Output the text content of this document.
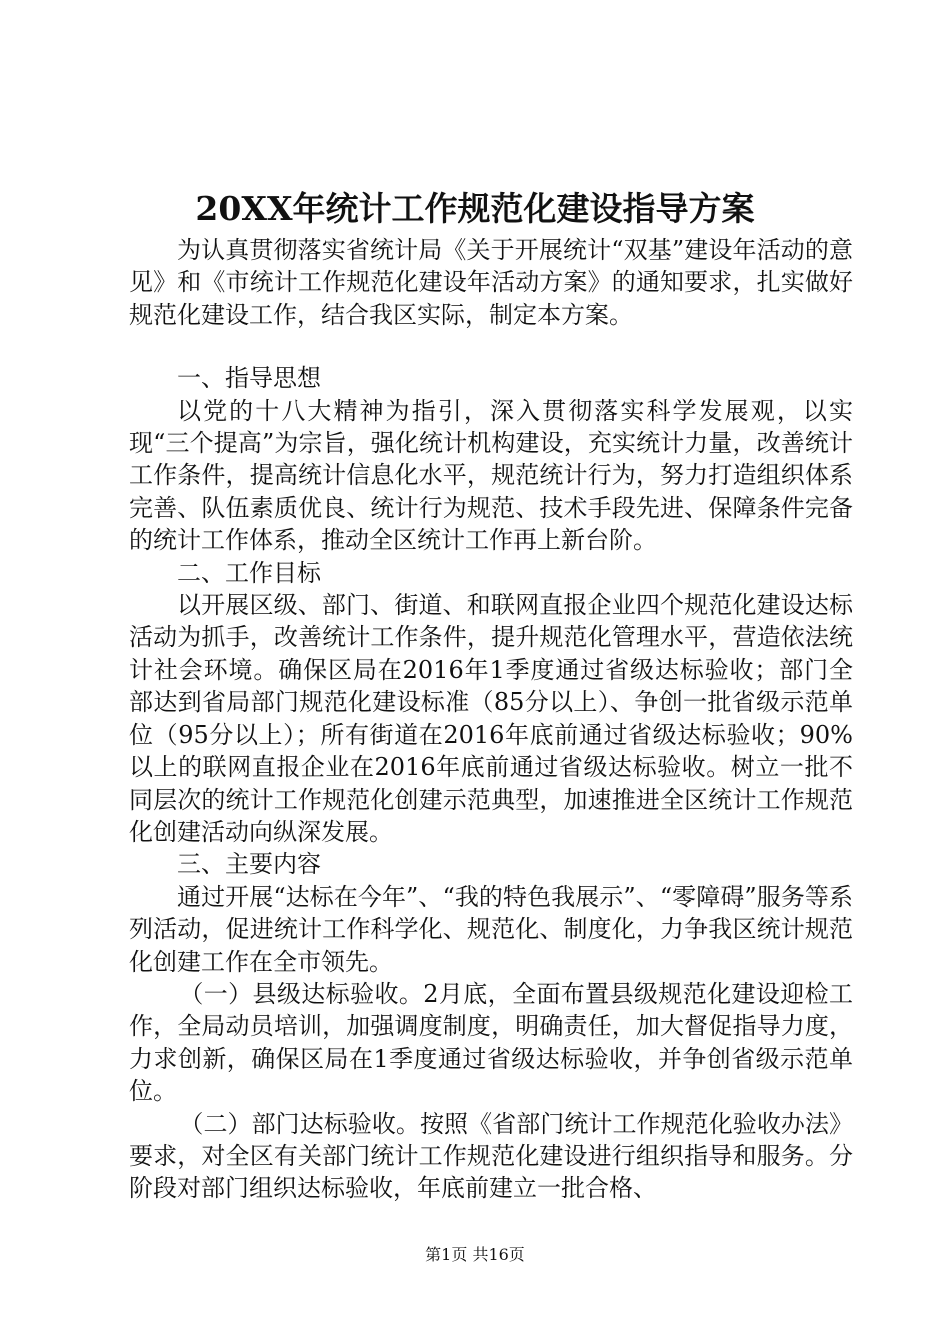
20XX年统计工作规范化建设指导方案

为认真贯彻落实省统计局《关于开展统计“双基”建设年活动的意见》和《市统计工作规范化建设年活动方案》的通知要求，扎实做好规范化建设工作，结合我区实际，制定本方案。

一、指导思想

以党的十八大精神为指引，深入贯彻落实科学发展观，以实现“三个提高”为宗旨，强化统计机构建设，充实统计力量，改善统计工作条件，提高统计信息化水平，规范统计行为，努力打造组织体系完善、队伍素质优良、统计行为规范、技术手段先进、保障条件完备的统计工作体系，推动全区统计工作再上新台阶。

二、工作目标

以开展区级、部门、街道、和联网直报企业四个规范化建设达标活动为抓手，改善统计工作条件，提升规范化管理水平，营造依法统计社会环境。确保区局在2016年1季度通过省级达标验收；部门全部达到省局部门规范化建设标准（85分以上）、争创一批省级示范单位（95分以上）；所有街道在2016年底前通过省级达标验收；90%以上的联网直报企业在2016年底前通过省级达标验收。树立一批不同层次的统计工作规范化创建示范典型，加速推进全区统计工作规范化创建活动向纵深发展。

三、主要内容

通过开展“达标在今年”、“我的特色我展示”、“零障碍”服务等系列活动，促进统计工作科学化、规范化、制度化，力争我区统计规范化创建工作在全市领先。

（一）县级达标验收。2月底，全面布置县级规范化建设迎检工作，全局动员培训，加强调度制度，明确责任，加大督促指导力度，力求创新，确保区局在1季度通过省级达标验收，并争创省级示范单位。

（二）部门达标验收。按照《省部门统计工作规范化验收办法》要求，对全区有关部门统计工作规范化建设进行组织指导和服务。分阶段对部门组织达标验收，年底前建立一批合格、

第1页 共16页
